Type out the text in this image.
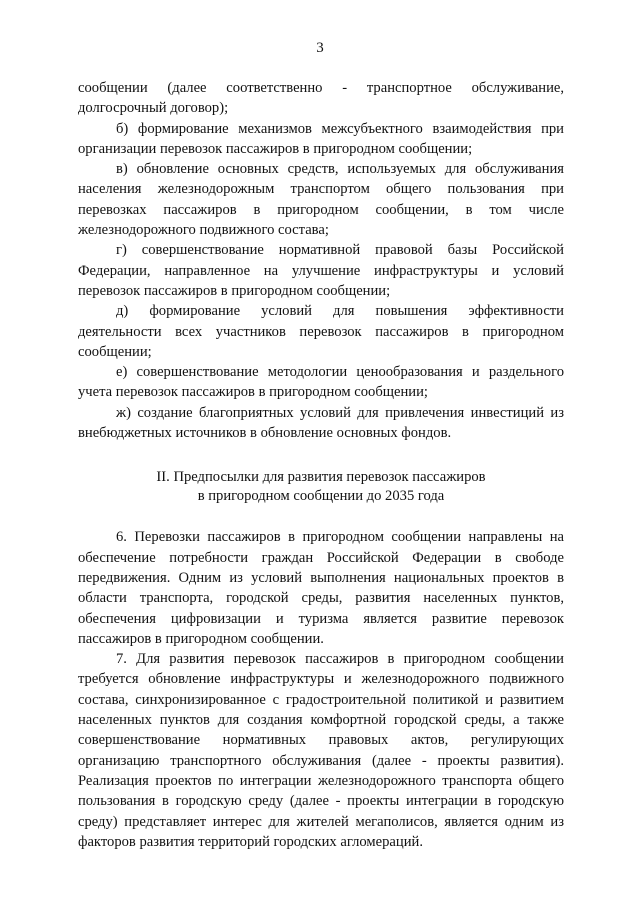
3

сообщении (далее соответственно - транспортное обслуживание, долгосрочный договор);

б) формирование механизмов межсубъектного взаимодействия при организации перевозок пассажиров в пригородном сообщении;

в) обновление основных средств, используемых для обслуживания населения железнодорожным транспортом общего пользования при перевозках пассажиров в пригородном сообщении, в том числе железнодорожного подвижного состава;

г) совершенствование нормативной правовой базы Российской Федерации, направленное на улучшение инфраструктуры и условий перевозок пассажиров в пригородном сообщении;

д) формирование условий для повышения эффективности деятельности всех участников перевозок пассажиров в пригородном сообщении;

е) совершенствование методологии ценообразования и раздельного учета перевозок пассажиров в пригородном сообщении;

ж) создание благоприятных условий для привлечения инвестиций из внебюджетных источников в обновление основных фондов.

II. Предпосылки для развития перевозок пассажиров
в пригородном сообщении до 2035 года

6. Перевозки пассажиров в пригородном сообщении направлены на обеспечение потребности граждан Российской Федерации в свободе передвижения. Одним из условий выполнения национальных проектов в области транспорта, городской среды, развития населенных пунктов, обеспечения цифровизации и туризма является развитие перевозок пассажиров в пригородном сообщении.

7. Для развития перевозок пассажиров в пригородном сообщении требуется обновление инфраструктуры и железнодорожного подвижного состава, синхронизированное с градостроительной политикой и развитием населенных пунктов для создания комфортной городской среды, а также совершенствование нормативных правовых актов, регулирующих организацию транспортного обслуживания (далее - проекты развития). Реализация проектов по интеграции железнодорожного транспорта общего пользования в городскую среду (далее - проекты интеграции в городскую среду) представляет интерес для жителей мегаполисов, является одним из факторов развития территорий городских агломераций.
